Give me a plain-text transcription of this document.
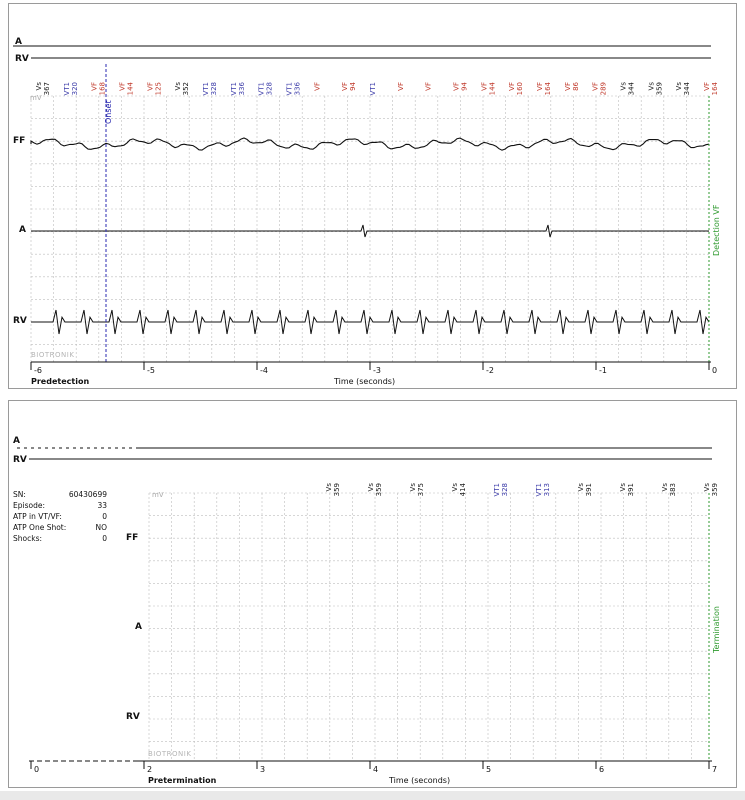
A
RV
Vs 367 VT1 320 VF 168 VF 144 VF 125 Vs 352 VT1 328 VT1 336 VT1 328 VT1 336 VF	VF 94 VT1	VF	VF	VF 94 VF 144 VF 160 VF 164 VF 86 VF 289 Vs 344 Vs 359 Vs 344 VF 164
mV
FF
A
RV
Onset
Detection VF
BIOTRONIK
-6	-5	-4	-3	-2	-1	0
Predetection	Time (seconds)
A
RV
Vs 359	Vs 359	Vs 375	Vs 414	VT1 328	VT1 313	Vs 391	Vs 391	Vs 383	Vs 359
SN:	60430699
Episode:	33
ATP in VT/VF:	0
ATP One Shot:	NO
Shocks:	0
mV
FF
A
RV
Termination
BIOTRONIK
0	2	3	4	5	6	7
Pretermination	Time (seconds)
